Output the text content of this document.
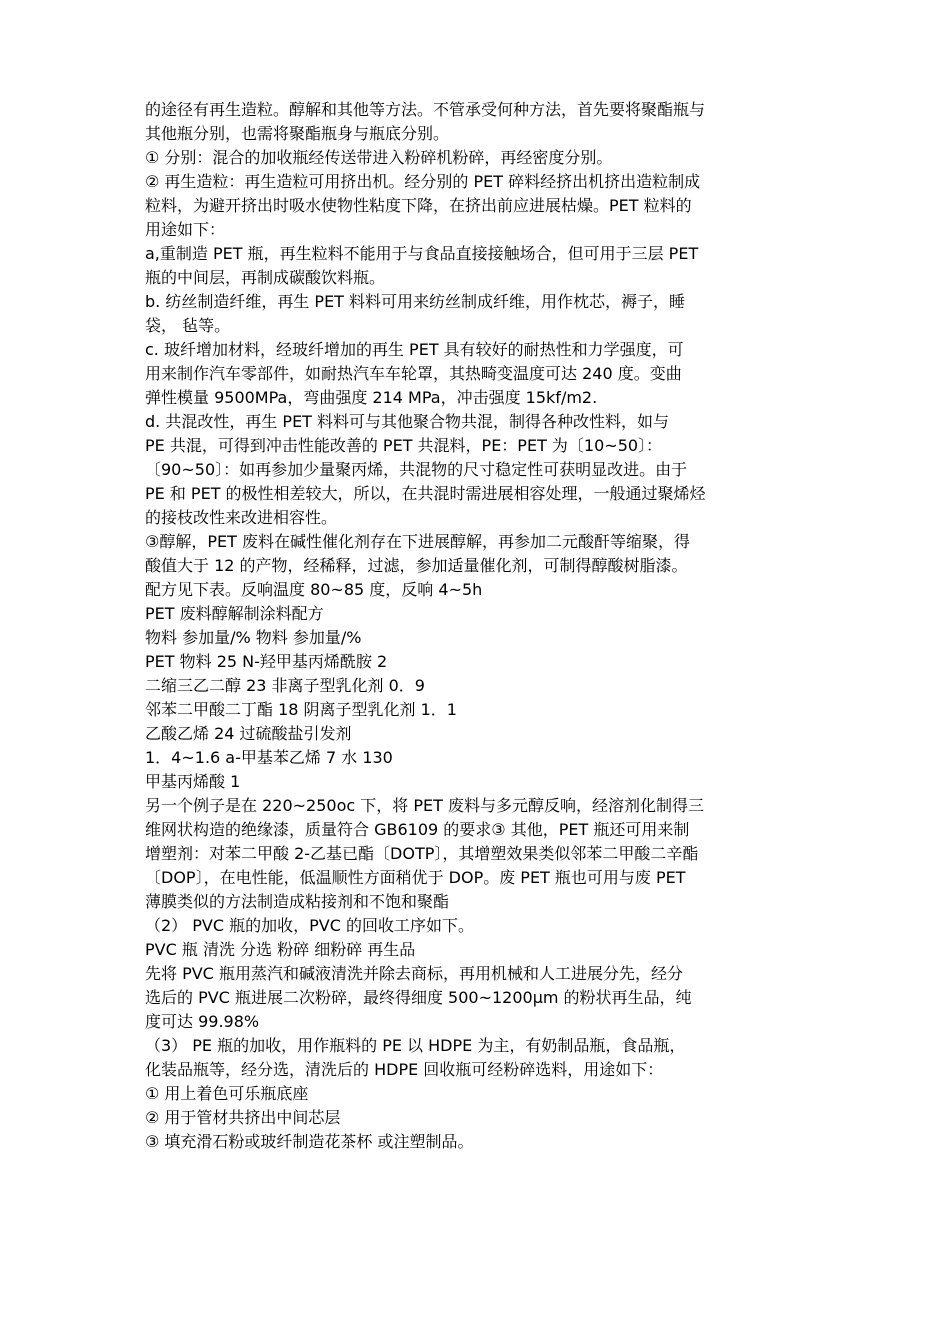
的途径有再生造粒。醇解和其他等方法。不管承受何种方法，首先要将聚酯瓶与
其他瓶分别，也需将聚酯瓶身与瓶底分别。
① 分别：混合的加收瓶经传送带进入粉碎机粉碎，再经密度分别。
② 再生造粒：再生造粒可用挤出机。经分别的 PET 碎料经挤出机挤出造粒制成
粒料，为避开挤出时吸水使物性粘度下降，在挤出前应进展枯燥。PET 粒料的
用途如下：
a,重制造 PET 瓶，再生粒料不能用于与食品直接接触场合，但可用于三层 PET
瓶的中间层，再制成碳酸饮料瓶。
b. 纺丝制造纤维，再生 PET 料料可用来纺丝制成纤维，用作枕芯，褥子，睡
袋， 毡等。
c. 玻纤增加材料，经玻纤增加的再生 PET 具有较好的耐热性和力学强度，可
用来制作汽车零部件，如耐热汽车车轮罩，其热畸变温度可达 240 度。变曲
弹性模量 9500MPa，弯曲强度 214 MPa，冲击强度 15kf/m2.
d. 共混改性，再生 PET 料料可与其他聚合物共混，制得各种改性料，如与
PE 共混，可得到冲击性能改善的 PET 共混料，PE：PET 为〔10~50〕：
〔90~50〕：如再参加少量聚丙烯，共混物的尺寸稳定性可获明显改进。由于
PE 和 PET 的极性相差较大，所以，在共混时需进展相容处理，一般通过聚烯烃
的接枝改性来改进相容性。
③醇解，PET 废料在碱性催化剂存在下进展醇解，再参加二元酸酐等缩聚，得
酸值大于 12 的产物，经稀释，过滤，参加适量催化剂，可制得醇酸树脂漆。
配方见下表。反响温度 80~85 度，反响 4~5h
PET 废料醇解制涂料配方
物料 参加量/% 物料 参加量/%
PET 物料 25 N-羟甲基丙烯酰胺 2
二缩三乙二醇 23 非离子型乳化剂 0．9
邻苯二甲酸二丁酯 18 阴离子型乳化剂 1．1
乙酸乙烯 24 过硫酸盐引发剂
1．4~1.6 a-甲基苯乙烯 7 水 130
甲基丙烯酸 1
另一个例子是在 220~250oc 下，将 PET 废料与多元醇反响，经溶剂化制得三
维网状构造的绝缘漆，质量符合 GB6109 的要求③ 其他，PET 瓶还可用来制
增塑剂：对苯二甲酸 2-乙基已酯〔DOTP〕，其增塑效果类似邻苯二甲酸二辛酯
〔DOP〕，在电性能，低温顺性方面稍优于 DOP。废 PET 瓶也可用与废 PET
薄膜类似的方法制造成粘接剂和不饱和聚酯
（2） PVC 瓶的加收，PVC 的回收工序如下。
PVC 瓶 清洗 分选 粉碎 细粉碎 再生品
先将 PVC 瓶用蒸汽和碱液清洗并除去商标，再用机械和人工进展分先，经分
选后的 PVC 瓶进展二次粉碎，最终得细度 500~1200μm 的粉状再生品，纯
度可达 99.98%
（3） PE 瓶的加收，用作瓶料的 PE 以 HDPE 为主，有奶制品瓶，食品瓶，
化装品瓶等，经分选，清洗后的 HDPE 回收瓶可经粉碎选料，用途如下：
① 用上着色可乐瓶底座
② 用于管材共挤出中间芯层
③ 填充滑石粉或玻纤制造花茶杯 或注塑制品。
